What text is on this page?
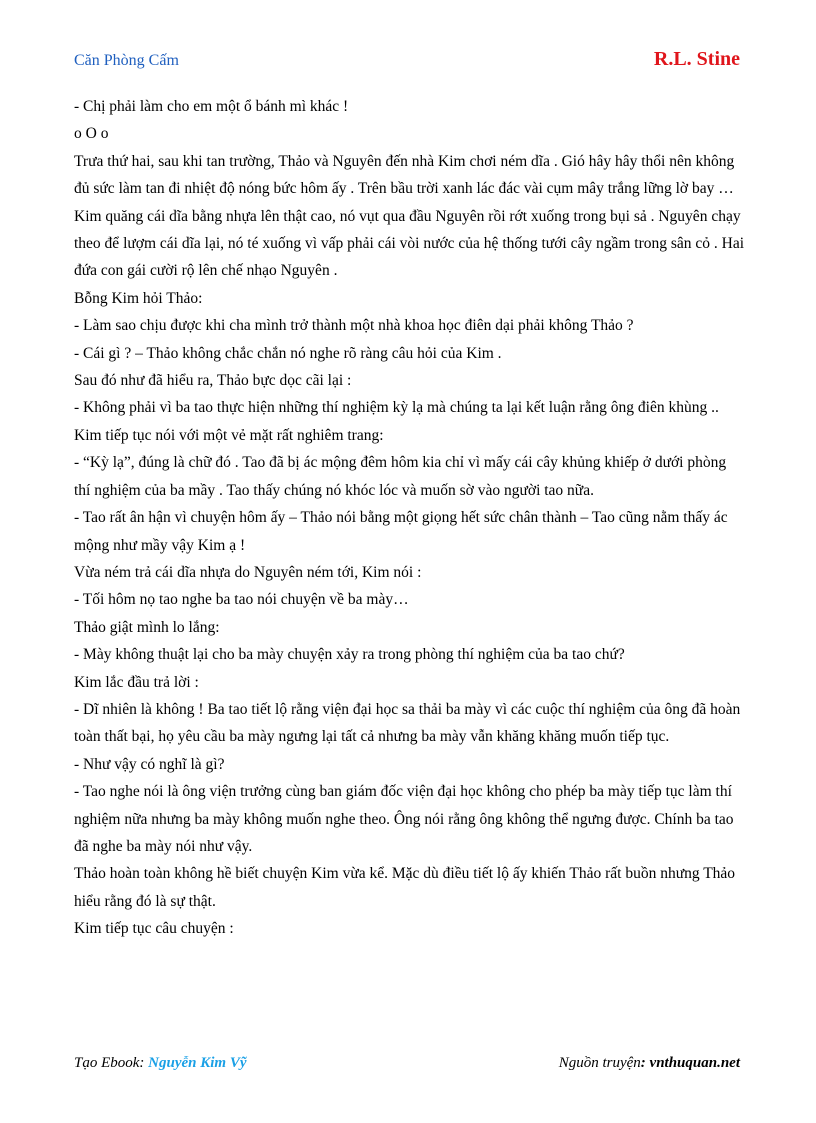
Căn Phòng Cấm	R.L. Stine

- Chị phải làm cho em một ổ bánh mì khác !

o O o

Trưa thứ hai, sau khi tan trường, Thảo và Nguyên đến nhà Kim chơi ném dĩa . Gió hây hây thổi nên không đủ sức làm tan đi nhiệt độ nóng bức hôm ấy . Trên bầu trời xanh lác đác vài cụm mây trắng lững lờ bay …

Kim quăng cái dĩa bằng nhựa lên thật cao, nó vụt qua đầu Nguyên rồi rớt xuống trong bụi sả . Nguyên chạy theo để lượm cái dĩa lại, nó té xuống vì vấp phải cái vòi nước của hệ thống tưới cây ngầm trong sân cỏ . Hai đứa con gái cười rộ lên chế nhạo Nguyên .

Bỗng Kim hỏi Thảo:

- Làm sao chịu được khi cha mình trở thành một nhà khoa học điên dại phải không Thảo ?

- Cái gì ? – Thảo không chắc chắn nó nghe rõ ràng câu hỏi của Kim .

Sau đó như đã hiểu ra, Thảo bực dọc cãi lại :

- Không phải vì ba tao thực hiện những thí nghiệm kỳ lạ mà chúng ta lại kết luận rằng ông điên khùng ..

Kim tiếp tục nói với một vẻ mặt rất nghiêm trang:

- “Kỳ lạ”, đúng là chữ đó . Tao đã bị ác mộng đêm hôm kia chỉ vì mấy cái cây khủng khiếp ở dưới phòng thí nghiệm của ba mầy . Tao thấy chúng nó khóc lóc và muốn sờ vào người tao nữa.

- Tao rất ân hận vì chuyện hôm ấy – Thảo nói bằng một giọng hết sức chân thành – Tao cũng nằm thấy ác mộng như mầy vậy Kim ạ !

Vừa ném trả cái dĩa nhựa do Nguyên ném tới, Kim nói :

- Tối hôm nọ tao nghe ba tao nói chuyện về ba mày…

Thảo giật mình lo lắng:

- Mày không thuật lại cho ba mày chuyện xảy ra trong phòng thí nghiệm của ba tao chứ?

Kim lắc đầu trả lời :

- Dĩ nhiên là không ! Ba tao tiết lộ rằng viện đại học sa thải ba mày vì các cuộc thí nghiệm của ông đã hoàn toàn thất bại, họ yêu cầu ba mày ngưng lại tất cả nhưng ba mày vẫn khăng khăng muốn tiếp tục.

- Như vậy có nghĩ là gì?

- Tao nghe nói là ông viện trưởng cùng ban giám đốc viện đại học không cho phép ba mày tiếp tục làm thí nghiệm nữa nhưng ba mày không muốn nghe theo. Ông nói rằng ông không thể ngưng được. Chính ba tao đã nghe ba mày nói như vậy.

Thảo hoàn toàn không hề biết chuyện Kim vừa kể. Mặc dù điều tiết lộ ấy khiến Thảo rất buồn nhưng Thảo hiểu rằng đó là sự thật.

Kim tiếp tục câu chuyện :

Tạo Ebook: Nguyễn Kim Vỹ	Nguồn truyện: vnthuquan.net
